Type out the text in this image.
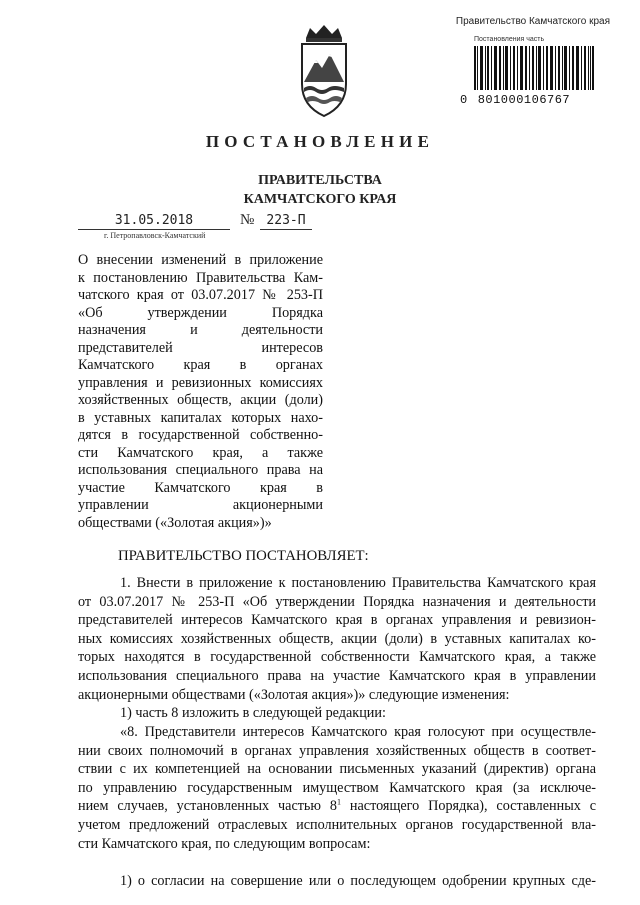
Правительство Камчатского края
Постановления часть
0 801000106767
ПОСТАНОВЛЕНИЕ
ПРАВИТЕЛЬСТВА
КАМЧАТСКОГО КРАЯ
31.05.2018
г. Петропавловск-Камчатский
№ 223-П
О внесении изменений в приложение
к постановлению Правительства Кам-
чатского края от 03.07.2017 № 253-П
«Об утверждении Порядка
назначения и деятельности
представителей интересов
Камчатского края в органах
управления и ревизионных комиссиях
хозяйственных обществ, акции (доли)
в уставных капиталах которых нахо-
дятся в государственной собственно-
сти Камчатского края, а также
использования специального права на
участие Камчатского края в
управлении акционерными
обществами («Золотая акция»)»
ПРАВИТЕЛЬСТВО ПОСТАНОВЛЯЕТ:
1. Внести в приложение к постановлению Правительства Камчатского края
от 03.07.2017 № 253-П «Об утверждении Порядка назначения и деятельности
представителей интересов Камчатского края в органах управления и ревизион-
ных комиссиях хозяйственных обществ, акции (доли) в уставных капиталах ко-
торых находятся в государственной собственности Камчатского края, а также
использования специального права на участие Камчатского края в управлении
акционерными обществами («Золотая акция»)» следующие изменения:
1) часть 8 изложить в следующей редакции:
«8. Представители интересов Камчатского края голосуют при осуществле-
нии своих полномочий в органах управления хозяйственных обществ в соответ-
ствии с их компетенцией на основании письменных указаний (директив) органа
по управлению государственным имуществом Камчатского края (за исключе-
нием случаев, установленных частью $8^1$ настоящего Порядка), составленных с
учетом предложений отраслевых исполнительных органов государственной вла-
сти Камчатского края, по следующим вопросам:
1) о согласии на совершение или о последующем одобрении крупных сде-
